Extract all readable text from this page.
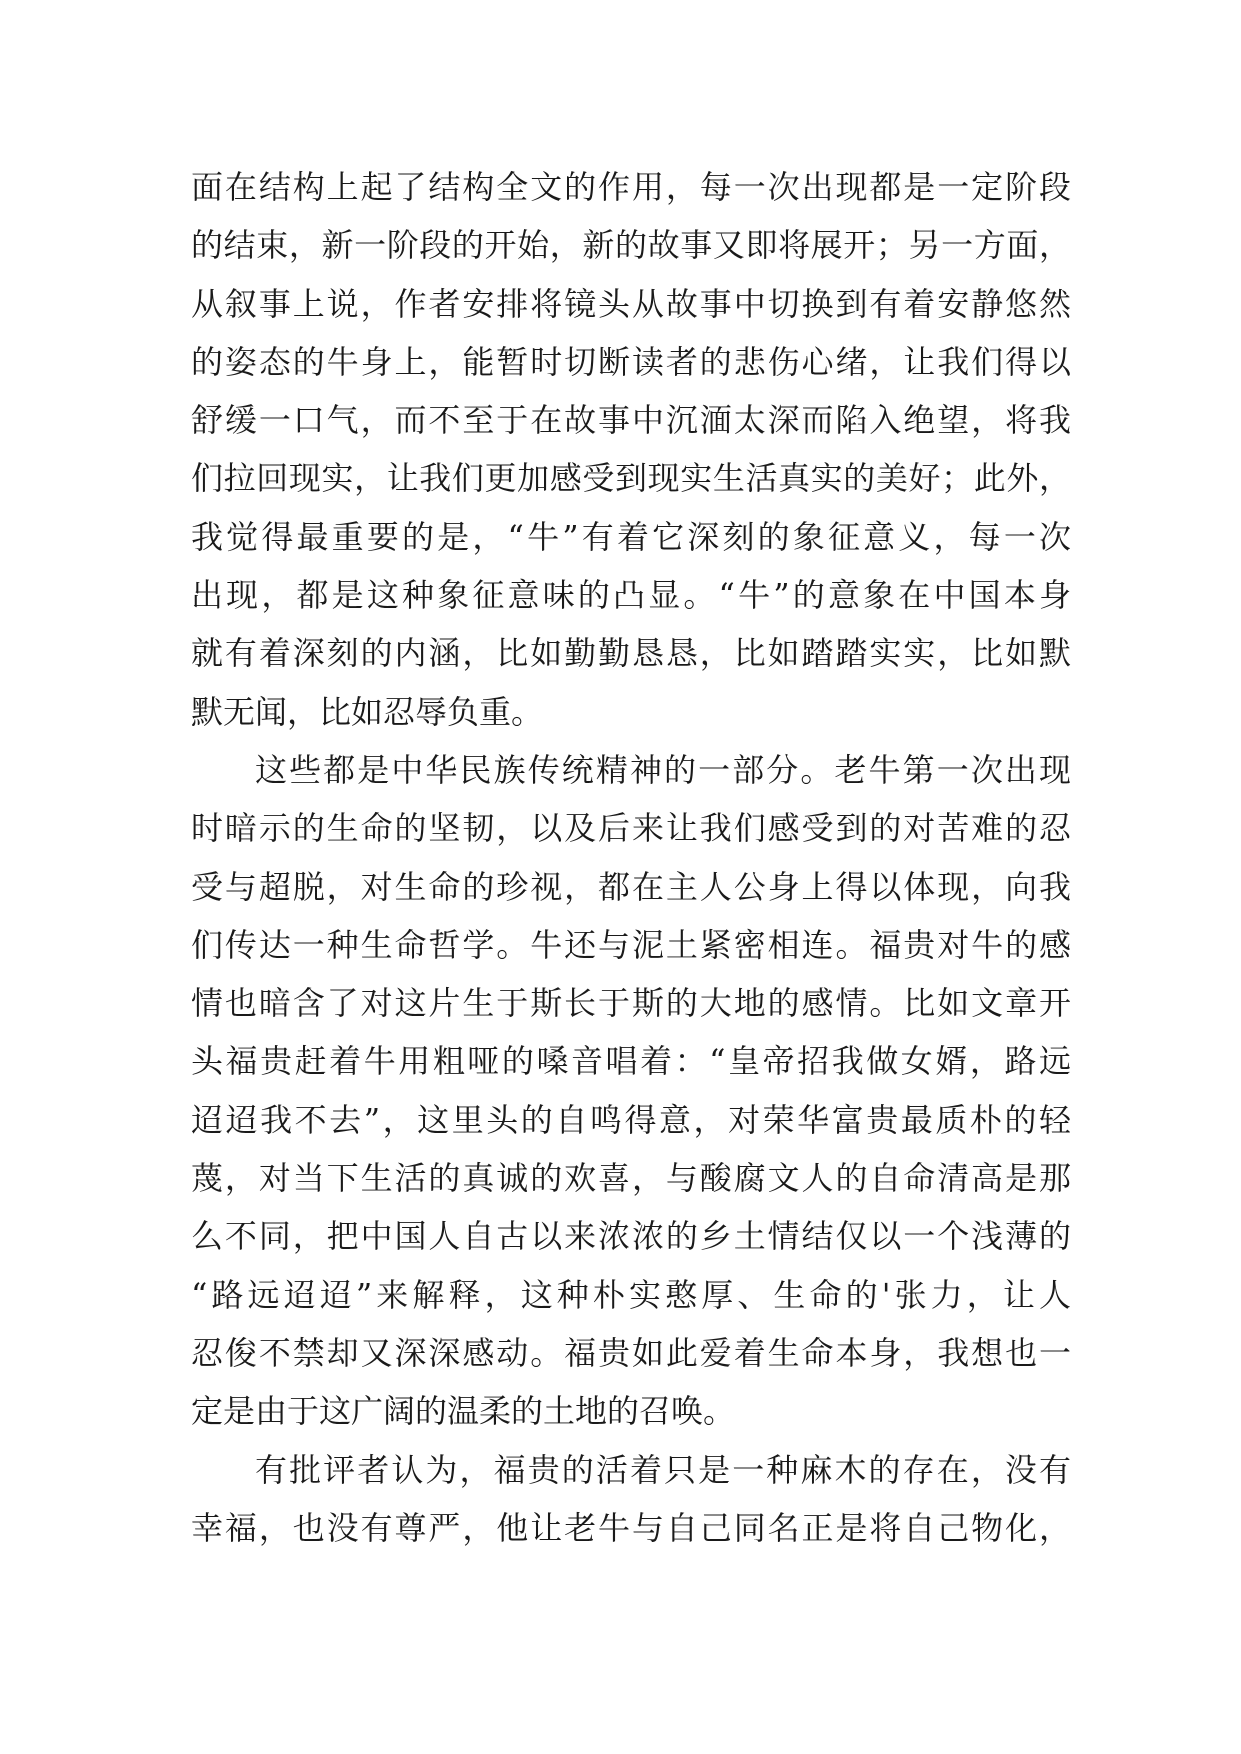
面在结构上起了结构全文的作用，每一次出现都是一定阶段
的结束，新一阶段的开始，新的故事又即将展开；另一方面，
从叙事上说，作者安排将镜头从故事中切换到有着安静悠然
的姿态的牛身上，能暂时切断读者的悲伤心绪，让我们得以
舒缓一口气，而不至于在故事中沉湎太深而陷入绝望，将我
们拉回现实，让我们更加感受到现实生活真实的美好；此外，
我觉得最重要的是，“牛”有着它深刻的象征意义，每一次
出现，都是这种象征意味的凸显。“牛”的意象在中国本身
就有着深刻的内涵，比如勤勤恳恳，比如踏踏实实，比如默
默无闻，比如忍辱负重。
这些都是中华民族传统精神的一部分。老牛第一次出现
时暗示的生命的坚韧，以及后来让我们感受到的对苦难的忍
受与超脱，对生命的珍视，都在主人公身上得以体现，向我
们传达一种生命哲学。牛还与泥土紧密相连。福贵对牛的感
情也暗含了对这片生于斯长于斯的大地的感情。比如文章开
头福贵赶着牛用粗哑的嗓音唱着：“皇帝招我做女婿，路远
迢迢我不去”，这里头的自鸣得意，对荣华富贵最质朴的轻
蔑，对当下生活的真诚的欢喜，与酸腐文人的自命清高是那
么不同，把中国人自古以来浓浓的乡土情结仅以一个浅薄的
“路远迢迢”来解释，这种朴实憨厚、生命的'张力，让人
忍俊不禁却又深深感动。福贵如此爱着生命本身，我想也一
定是由于这广阔的温柔的土地的召唤。
有批评者认为，福贵的活着只是一种麻木的存在，没有
幸福，也没有尊严，他让老牛与自己同名正是将自己物化，
